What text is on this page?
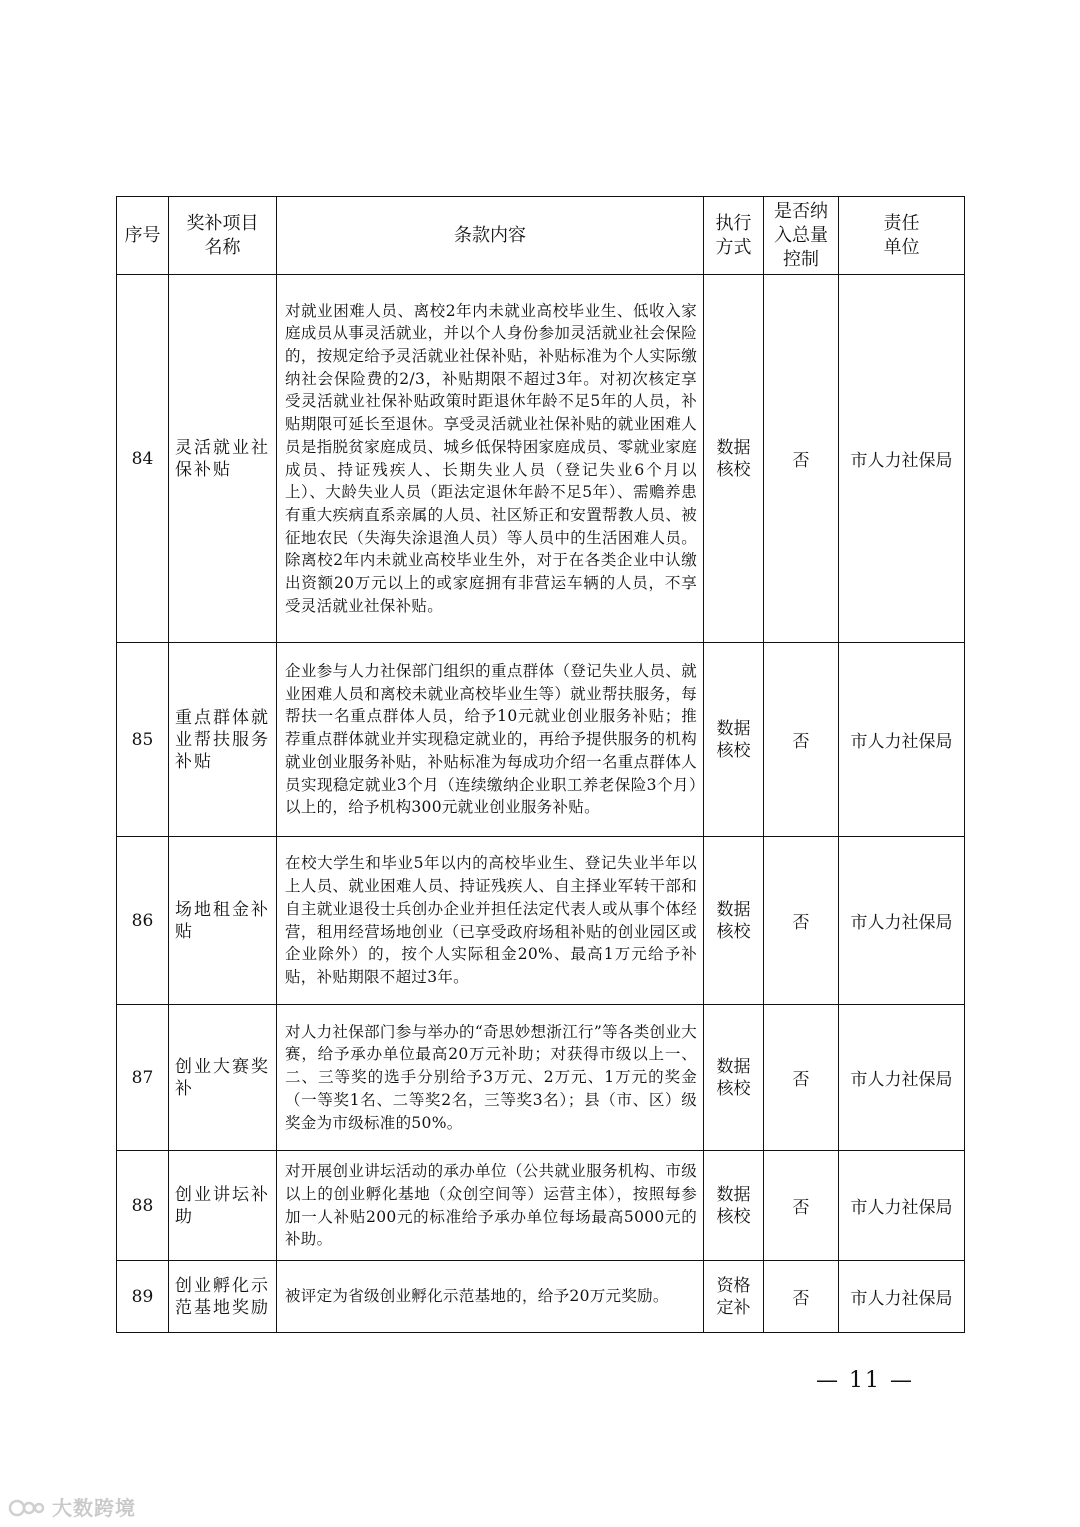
序号	奖补项目名称	条款内容	执行方式	是否纳入总量控制	责任单位
84	灵活就业社保补贴	对就业困难人员、离校2年内未就业高校毕业生、低收入家庭成员从事灵活就业，并以个人身份参加灵活就业社会保险的，按规定给予灵活就业社保补贴，补贴标准为个人实际缴纳社会保险费的2/3，补贴期限不超过3年。对初次核定享受灵活就业社保补贴政策时距退休年龄不足5年的人员，补贴期限可延长至退休。享受灵活就业社保补贴的就业困难人员是指脱贫家庭成员、城乡低保特困家庭成员、零就业家庭成员、持证残疾人、长期失业人员（登记失业6个月以上）、大龄失业人员（距法定退休年龄不足5年）、需赡养患有重大疾病直系亲属的人员、社区矫正和安置帮教人员、被征地农民（失海失涂退渔人员）等人员中的生活困难人员。除离校2年内未就业高校毕业生外，对于在各类企业中认缴出资额20万元以上的或家庭拥有非营运车辆的人员，不享受灵活就业社保补贴。	数据核校	否	市人力社保局
85	重点群体就业帮扶服务补贴	企业参与人力社保部门组织的重点群体（登记失业人员、就业困难人员和离校未就业高校毕业生等）就业帮扶服务，每帮扶一名重点群体人员，给予10元就业创业服务补贴；推荐重点群体就业并实现稳定就业的，再给予提供服务的机构就业创业服务补贴，补贴标准为每成功介绍一名重点群体人员实现稳定就业3个月（连续缴纳企业职工养老保险3个月）以上的，给予机构300元就业创业服务补贴。	数据核校	否	市人力社保局
86	场地租金补贴	在校大学生和毕业5年以内的高校毕业生、登记失业半年以上人员、就业困难人员、持证残疾人、自主择业军转干部和自主就业退役士兵创办企业并担任法定代表人或从事个体经营，租用经营场地创业（已享受政府场租补贴的创业园区或企业除外）的，按个人实际租金20%、最高1万元给予补贴，补贴期限不超过3年。	数据核校	否	市人力社保局
87	创业大赛奖补	对人力社保部门参与举办的“奇思妙想浙江行”等各类创业大赛，给予承办单位最高20万元补助；对获得市级以上一、二、三等奖的选手分别给予3万元、2万元、1万元的奖金（一等奖1名、二等奖2名，三等奖3名）；县（市、区）级奖金为市级标准的50%。	数据核校	否	市人力社保局
88	创业讲坛补助	对开展创业讲坛活动的承办单位（公共就业服务机构、市级以上的创业孵化基地（众创空间等）运营主体），按照每参加一人补贴200元的标准给予承办单位每场最高5000元的补助。	数据核校	否	市人力社保局
89	创业孵化示范基地奖励	被评定为省级创业孵化示范基地的，给予20万元奖励。	资格定补	否	市人力社保局
— 11 —
大数跨境
